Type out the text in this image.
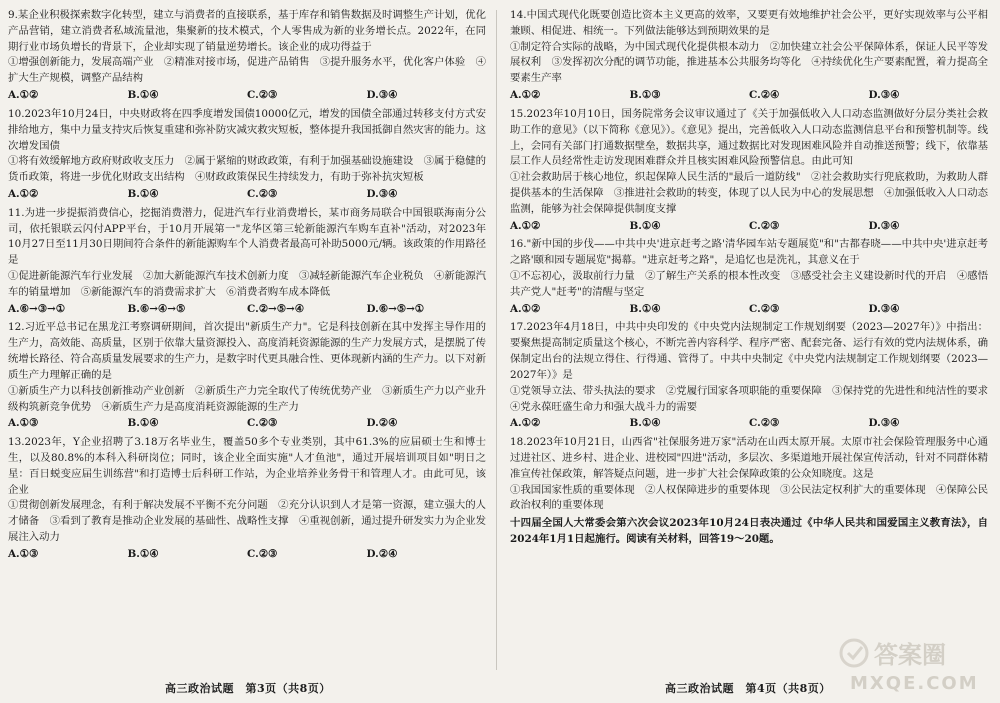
9.某企业积极探索数字化转型，建立与消费者的直接联系，基于库存和销售数据及时调整生产计划，优化产品营销，建立消费者私域流量池，集聚新的技术模式，个人零售成为新的业务增长点。2022年，在同期行业市场负增长的背景下，企业却实现了销量逆势增长。该企业的成功得益于

①增强创新能力，发展高端产业　②精准对接市场，促进产品销售　③提升服务水平，优化客户体验　④扩大生产规模，调整产品结构

A.①②	B.①④	C.②③	D.③④

10.2023年10月24日，中央财政将在四季度增发国债10000亿元，增发的国债全部通过转移支付方式安排给地方，集中力量支持灾后恢复重建和弥补防灾减灾救灾短板，整体提升我国抵御自然灾害的能力。这次增发国债

①将有效缓解地方政府财政收支压力　②属于紧缩的财政政策，有利于加强基础设施建设　③属于稳健的货币政策，将进一步优化财政支出结构　④财政政策保民生持续发力，有助于弥补抗灾短板

A.①②	B.①④	C.②③	D.③④

11.为进一步提振消费信心，挖掘消费潜力，促进汽车行业消费增长，某市商务局联合中国银联海南分公司，依托银联云闪付APP平台，于10月开展第一"龙华区第三轮新能源汽车购车直补"活动，对2023年10月27日至11月30日期间符合条件的新能源购车个人消费者最高可补助5000元/辆。该政策的作用路径是

①促进新能源汽车行业发展　②加大新能源汽车技术创新力度　③减轻新能源汽车企业税负　④新能源汽车的销量增加　⑤新能源汽车的消费需求扩大　⑥消费者购车成本降低

A.⑥→③→①	B.⑥→④→⑤	C.②→⑤→④	D.⑥→⑤→①

12.习近平总书记在黑龙江考察调研期间，首次提出"新质生产力"。它是科技创新在其中发挥主导作用的生产力，高效能、高质量，区别于依靠大量资源投入、高度消耗资源能源的生产力发展方式，是摆脱了传统增长路径、符合高质量发展要求的生产力，是数字时代更具融合性、更体现新内涵的生产力。以下对新质生产力理解正确的是

①新质生产力以科技创新推动产业创新　②新质生产力完全取代了传统优势产业　③新质生产力以产业升级构筑新竞争优势　④新质生产力是高度消耗资源能源的生产力

A.①③	B.①④	C.②③	D.②④

13.2023年，Y企业招聘了3.18万名毕业生，覆盖50多个专业类别，其中61.3%的应届硕士生和博士生，以及80.8%的本科入科研岗位；同时，该企业全面实施"人才鱼池"，通过开展培训项目如"明日之星：百日蜕变应届生训练营"和打造博士后科研工作站，为企业培养业务骨干和管理人才。由此可见，该企业

①贯彻创新发展理念，有利于解决发展不平衡不充分问题　②充分认识到人才是第一资源，建立强大的人才储备　③看到了教育是推动企业发展的基础性、战略性支撑　④重视创新，通过提升研发实力为企业发展注入动力

A.①③	B.①④	C.②③	D.②④

14.中国式现代化既要创造比资本主义更高的效率，又要更有效地维护社会公平，更好实现效率与公平相兼顾、相促进、相统一。下列做法能够达到预期效果的是

①制定符合实际的战略，为中国式现代化提供根本动力　②加快建立社会公平保障体系，保证人民平等发展权利　③发挥初次分配的调节功能，推进基本公共服务均等化　④持续优化生产要素配置，着力提高全要素生产率

A.①②	B.①③	C.②④	D.③④

15.2023年10月10日，国务院常务会议审议通过了《关于加强低收入人口动态监测做好分层分类社会救助工作的意见》（以下简称《意见》）。《意见》提出，完善低收入人口动态监测信息平台和预警机制等。线上，会同有关部门打通数据壁垒，数据共享，通过数据比对发现困难风险并自动推送预警；线下，依靠基层工作人员经常性走访发现困难群众并且核实困难风险预警信息。由此可知

①社会救助居于核心地位，织起保障人民生活的"最后一道防线"　②社会救助实行兜底救助，为救助人群提供基本的生活保障　③推进社会救助的转变，体现了以人民为中心的发展思想　④加强低收入人口动态监测，能够为社会保障提供制度支撑

A.①②	B.①④	C.②③	D.③④

16."新中国的步伐——中共中央'进京赶考之路'清华园车站专题展览"和"古都春晓——中共中央'进京赶考之路'颐和园专题展览"揭幕。"进京赶考之路"，是追忆也是洗礼，其意义在于

①不忘初心，汲取前行力量　②了解生产关系的根本性改变　③感受社会主义建设新时代的开启　④感悟共产党人"赶考"的清醒与坚定

A.①②	B.①④	C.②③	D.③④

17.2023年4月18日，中共中央印发的《中央党内法规制定工作规划纲要（2023—2027年）》中指出：要聚焦提高制定质量这个核心，不断完善内容科学、程序严密、配套完备、运行有效的党内法规体系，确保制定出台的法规立得住、行得通、管得了。中共中央制定《中央党内法规制定工作规划纲要（2023—2027年）》是

①党领导立法、带头执法的要求　②党履行国家各项职能的重要保障　③保持党的先进性和纯洁性的要求　④党永葆旺盛生命力和强大战斗力的需要

A.①②	B.①④	C.②③	D.③④

18.2023年10月21日，山西省"社保服务进万家"活动在山西太原开展。太原市社会保险管理服务中心通过进社区、进乡村、进企业、进校园"四进"活动，多层次、多渠道地开展社保宣传活动，针对不同群体精准宣传社保政策，解答疑点问题，进一步扩大社会保障政策的公众知晓度。这是

①我国国家性质的重要体现　②人权保障进步的重要体现　③公民法定权利扩大的重要体现　④保障公民政治权利的重要体现

十四届全国人大常委会第六次会议2023年10月24日表决通过《中华人民共和国爱国主义教育法》，自2024年1月1日起施行。阅读有关材料，回答19～20题。

高三政治试题　第3页（共8页）	高三政治试题　第4页（共8页）
答案圈
MXQE.COM
